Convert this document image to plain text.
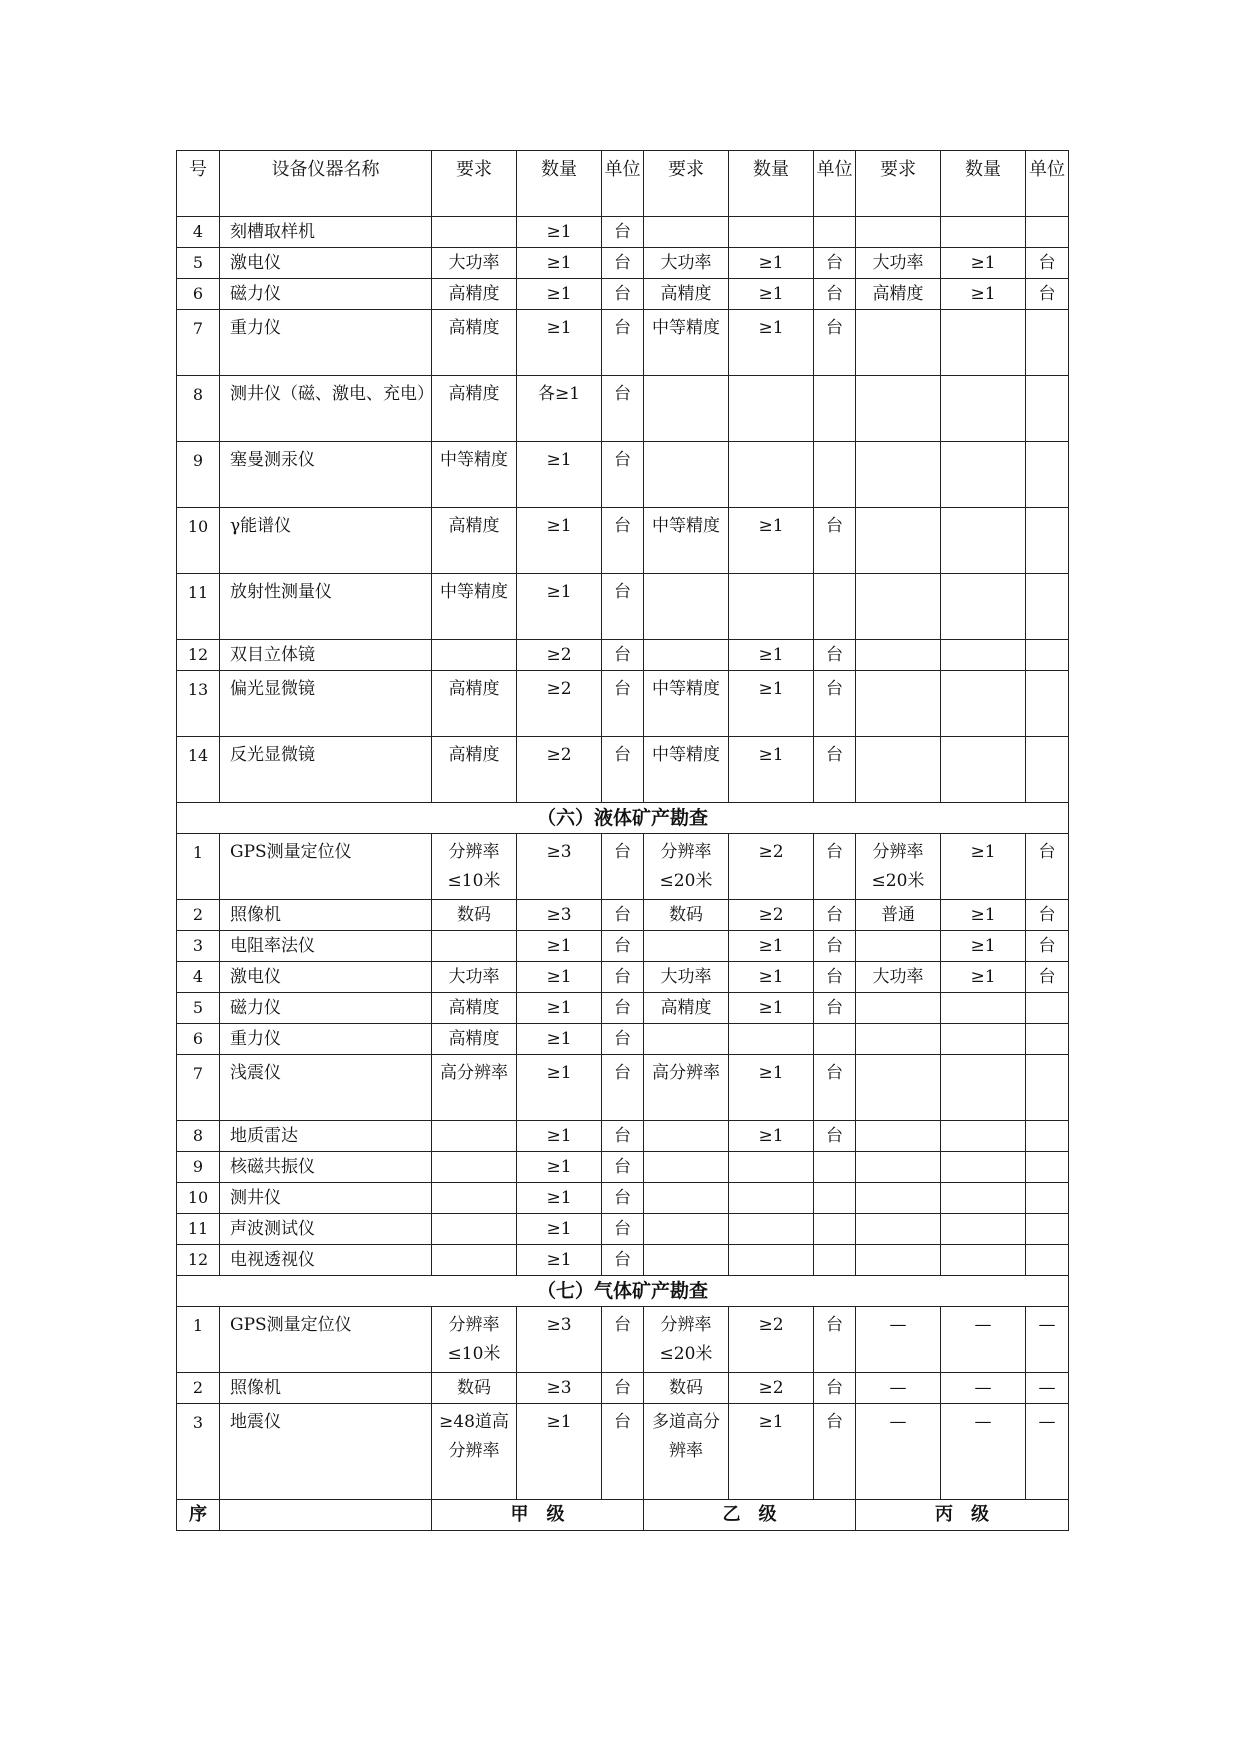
号	设备仪器名称	要求	数量	单位	要求	数量	单位	要求	数量	单位
4	刻槽取样机		≥1	台						
5	激电仪	大功率	≥1	台	大功率	≥1	台	大功率	≥1	台
6	磁力仪	高精度	≥1	台	高精度	≥1	台	高精度	≥1	台
7	重力仪	高精度	≥1	台	中等精度	≥1	台			
8	测井仪（磁、激电、充电）	高精度	各≥1	台						
9	塞曼测汞仪	中等精度	≥1	台						
10	γ能谱仪	高精度	≥1	台	中等精度	≥1	台			
11	放射性测量仪	中等精度	≥1	台						
12	双目立体镜		≥2	台		≥1	台			
13	偏光显微镜	高精度	≥2	台	中等精度	≥1	台			
14	反光显微镜	高精度	≥2	台	中等精度	≥1	台			
（六）液体矿产勘查										
1	GPS测量定位仪	分辨率≤10米	≥3	台	分辨率≤20米	≥2	台	分辨率≤20米	≥1	台
2	照像机	数码	≥3	台	数码	≥2	台	普通	≥1	台
3	电阻率法仪		≥1	台		≥1	台		≥1	台
4	激电仪	大功率	≥1	台	大功率	≥1	台	大功率	≥1	台
5	磁力仪	高精度	≥1	台	高精度	≥1	台			
6	重力仪	高精度	≥1	台						
7	浅震仪	高分辨率	≥1	台	高分辨率	≥1	台			
8	地质雷达		≥1	台		≥1	台			
9	核磁共振仪		≥1	台						
10	测井仪		≥1	台						
11	声波测试仪		≥1	台						
12	电视透视仪		≥1	台						
（七）气体矿产勘查										
1	GPS测量定位仪	分辨率≤10米	≥3	台	分辨率≤20米	≥2	台	—	—	—
2	照像机	数码	≥3	台	数码	≥2	台	—	—	—
3	地震仪	≥48道高分辨率	≥1	台	多道高分辨率	≥1	台	—	—	—
序		甲　级			乙　级			丙　级		
